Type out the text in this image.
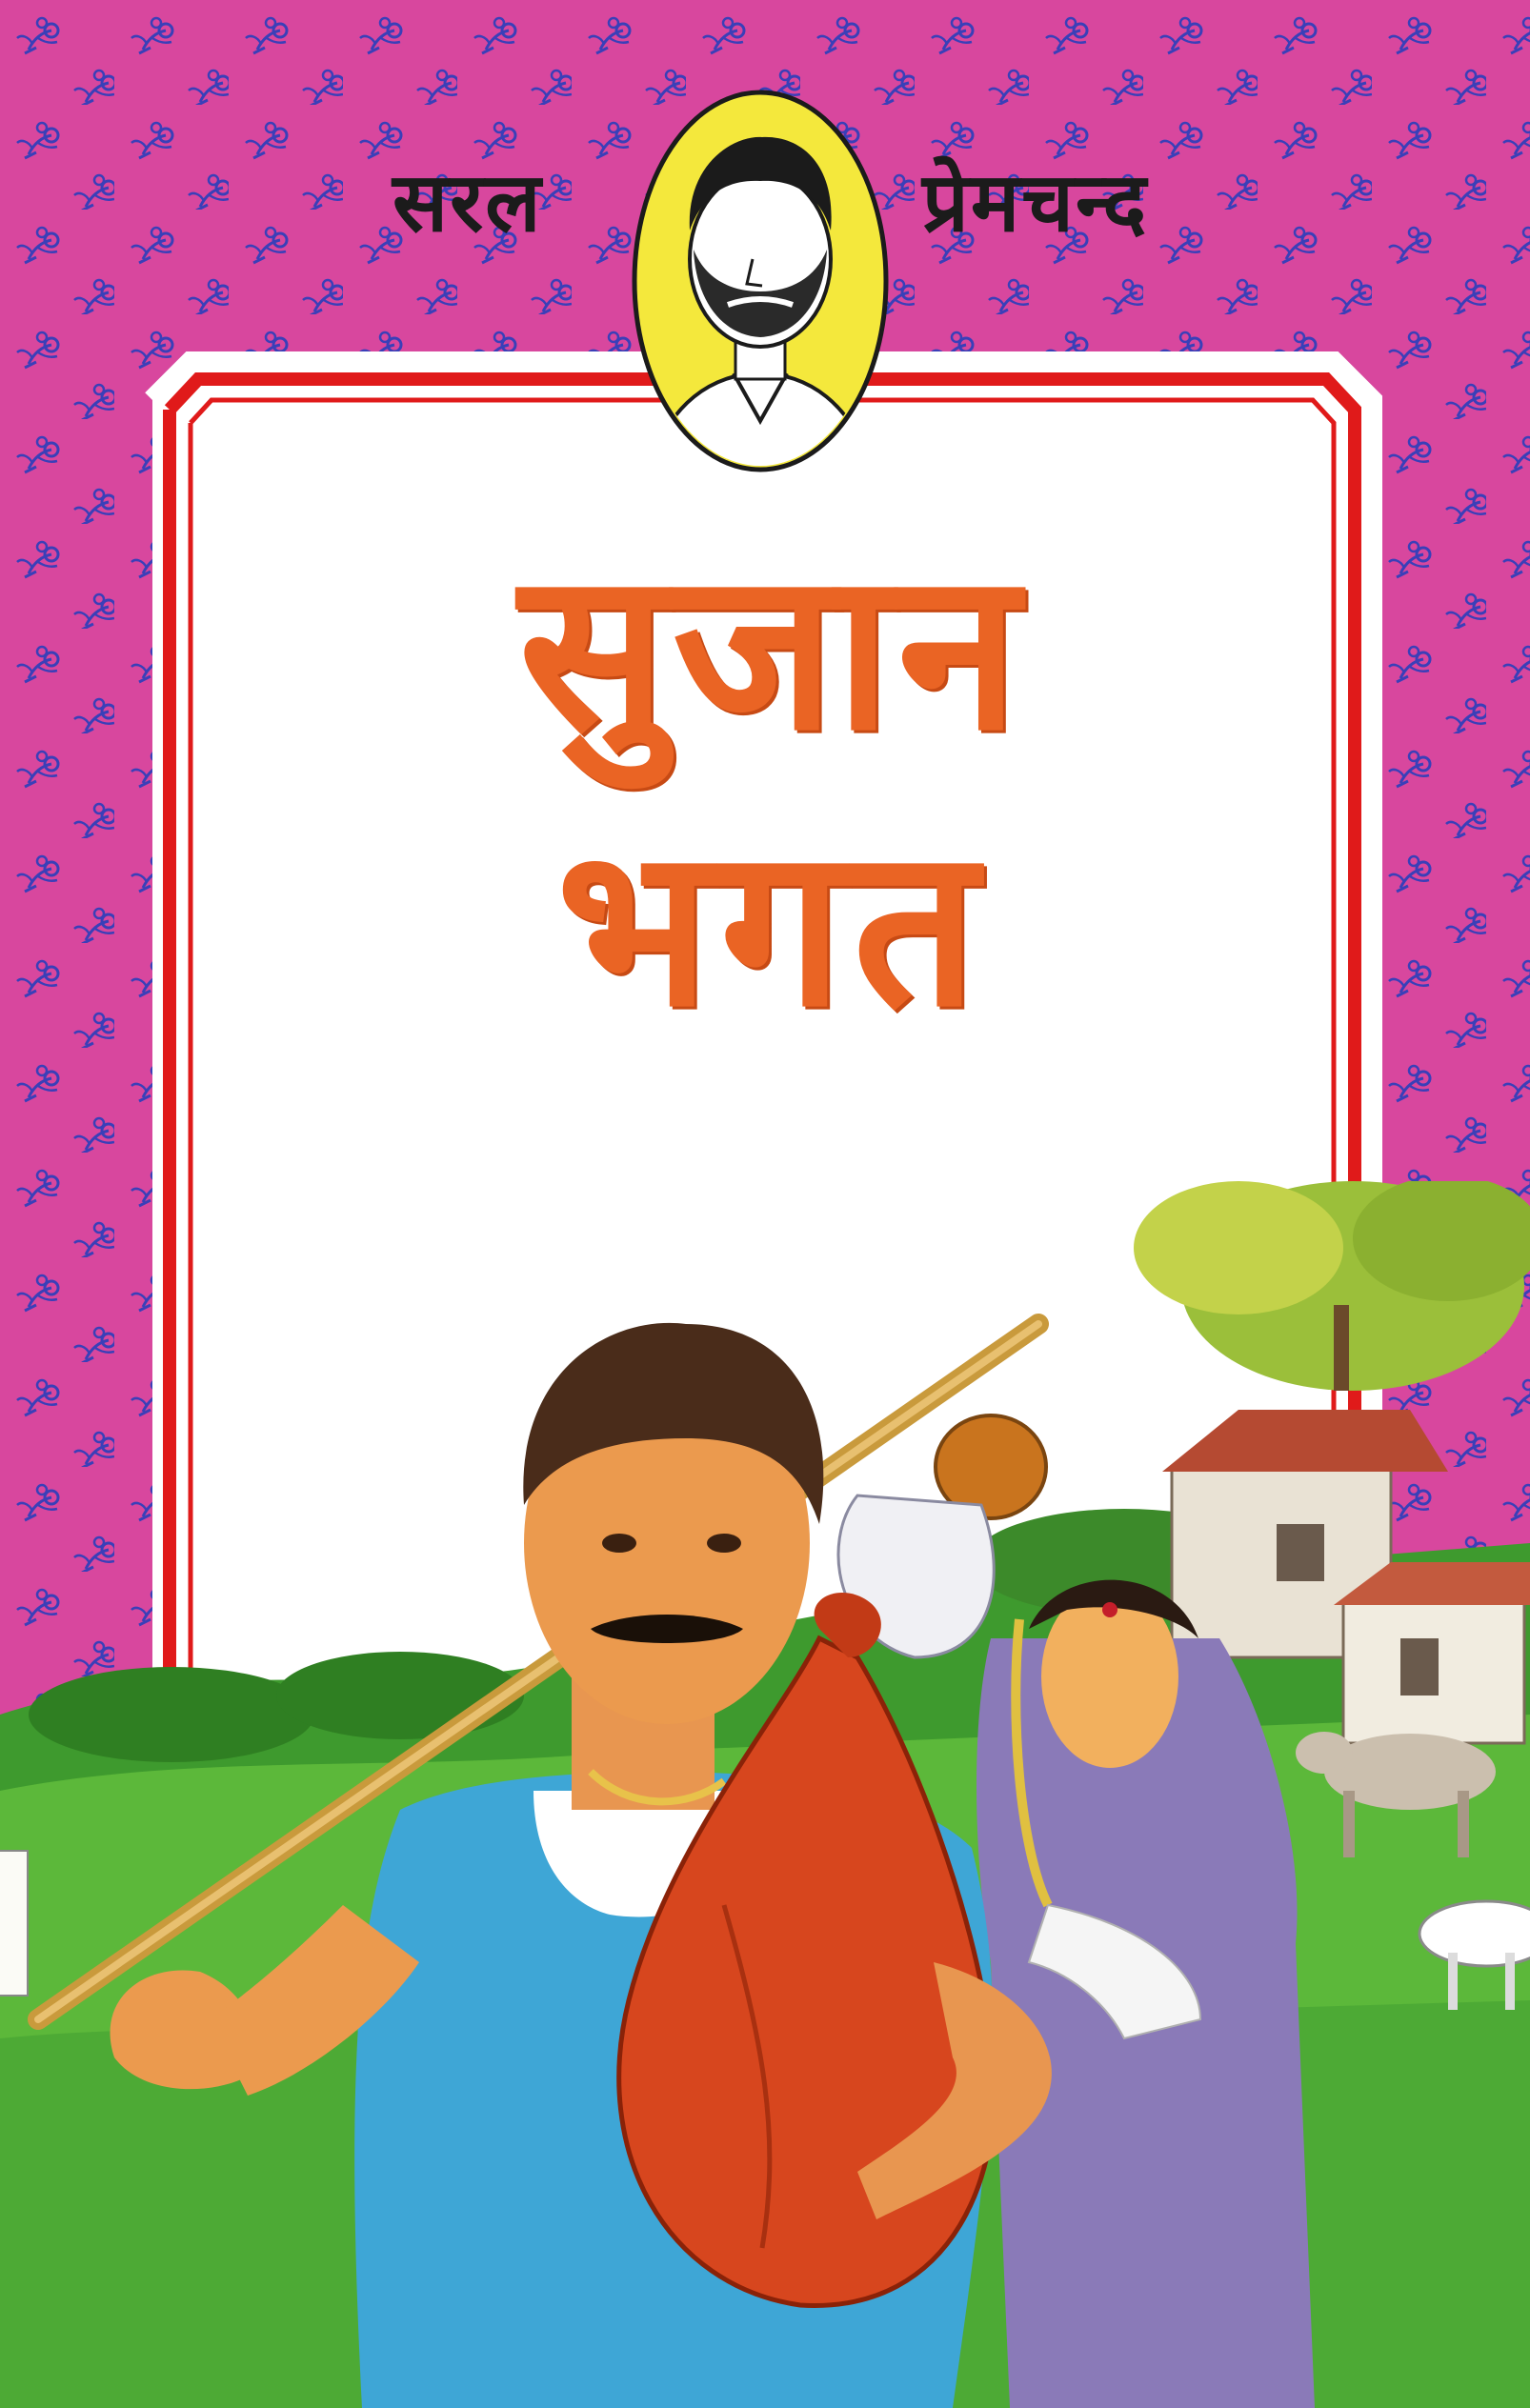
सरल	प्रेमचन्द
सुजान
भगत
